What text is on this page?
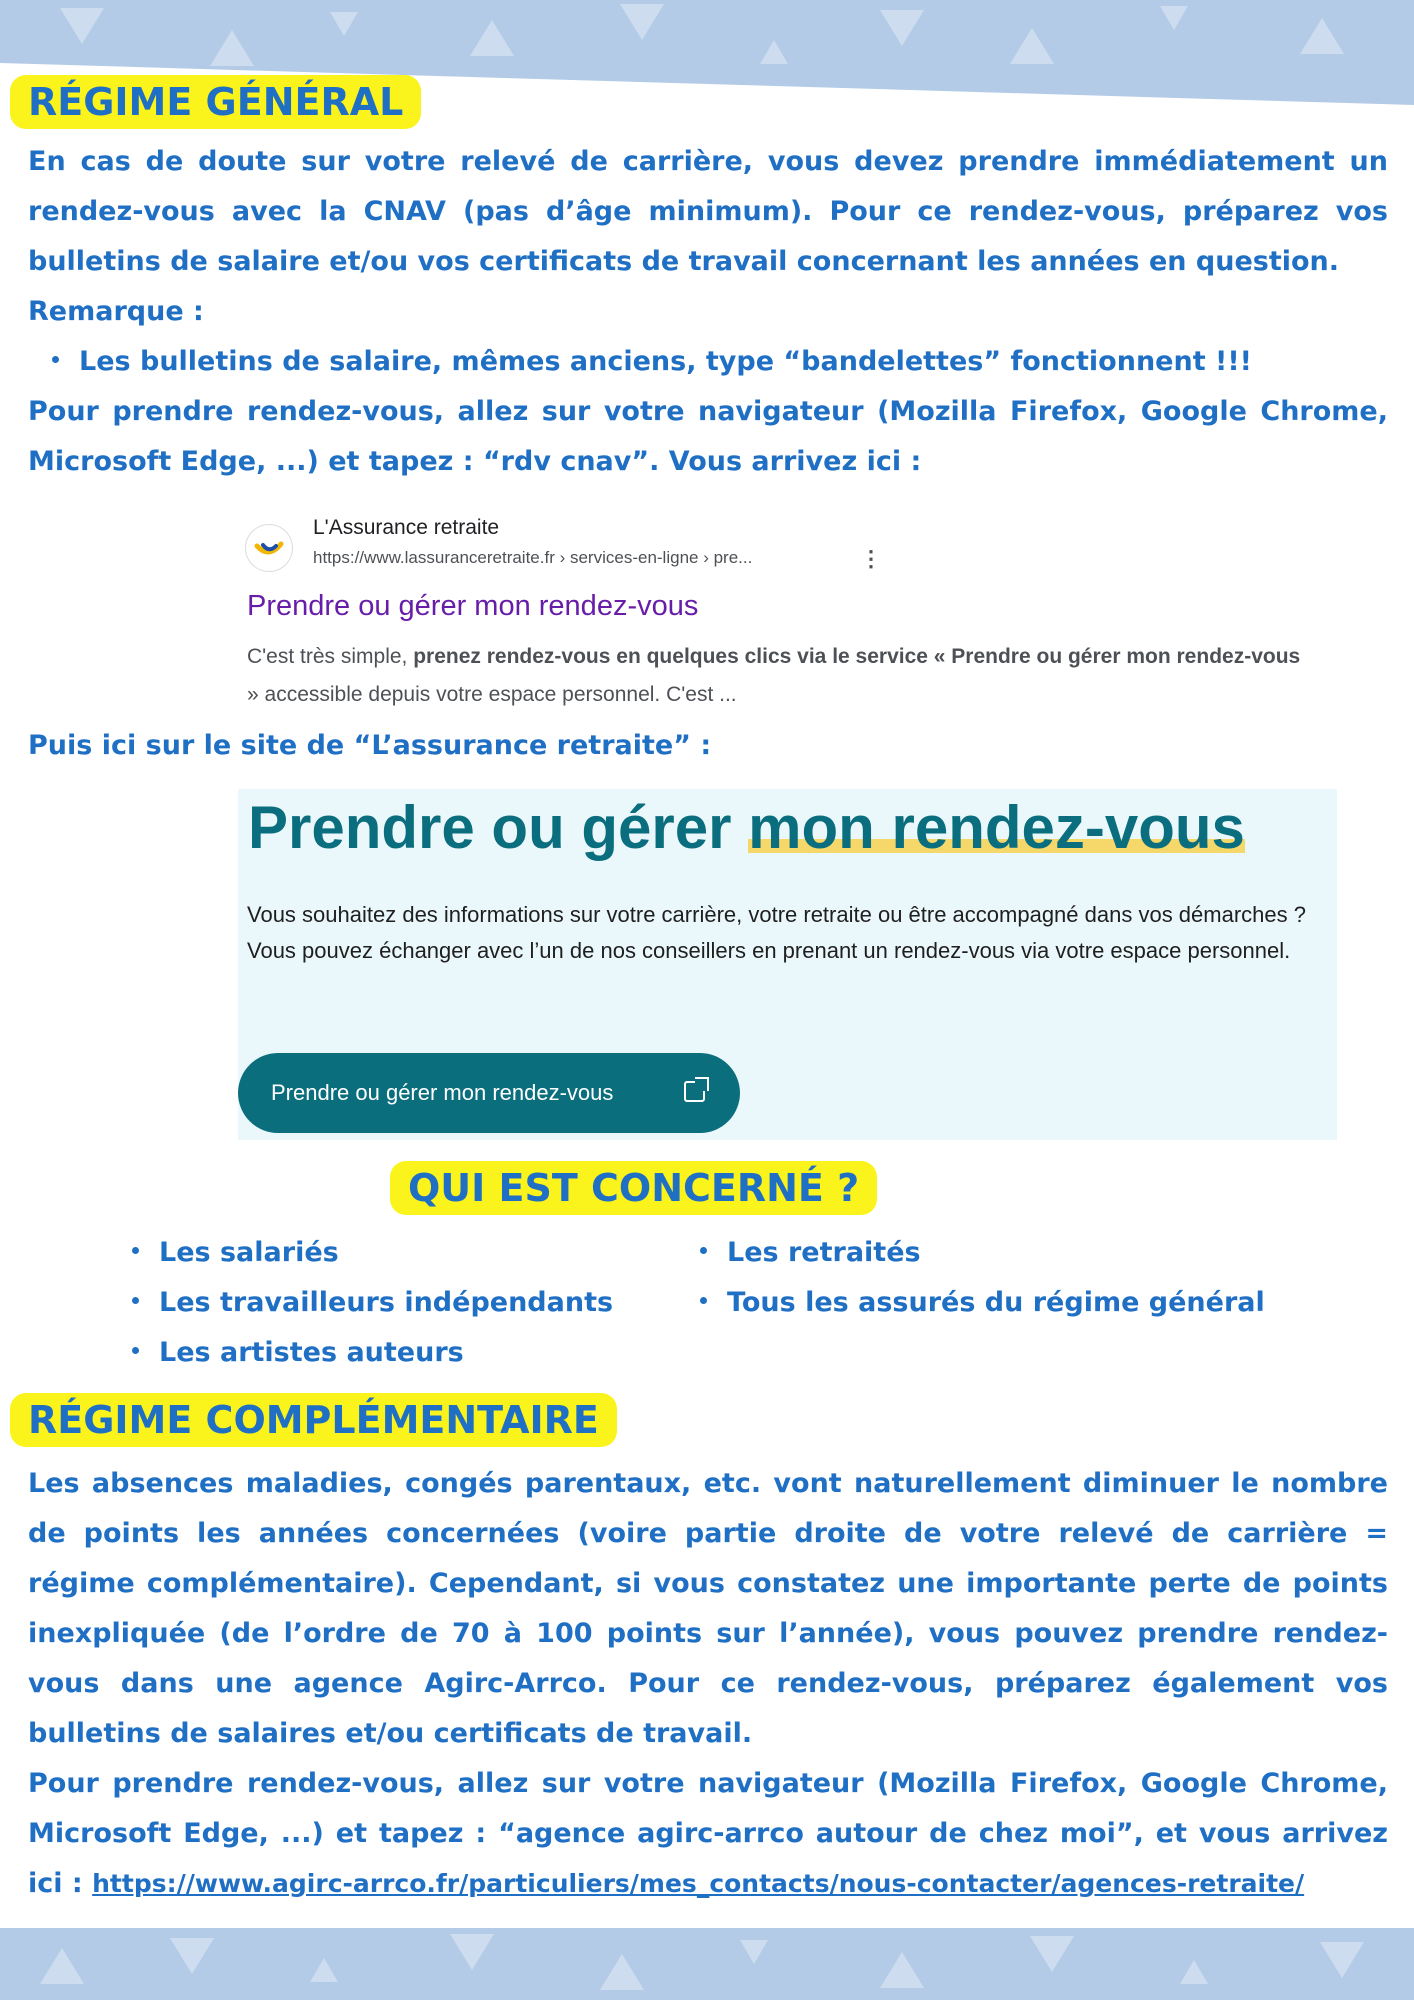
RÉGIME GÉNÉRAL

En cas de doute sur votre relevé de carrière, vous devez prendre immédiatement un rendez-vous avec la CNAV (pas d’âge minimum). Pour ce rendez-vous, préparez vos bulletins de salaire et/ou vos certificats de travail concernant les années en question.

Remarque :

Les bulletins de salaire, mêmes anciens, type “bandelettes” fonctionnent !!!

Pour prendre rendez-vous, allez sur votre navigateur (Mozilla Firefox, Google Chrome, Microsoft Edge, ...) et tapez : “rdv cnav”. Vous arrivez ici :

L'Assurance retraite
https://www.lassuranceretraite.fr › services-en-ligne › pre...	⋮
Prendre ou gérer mon rendez-vous
C'est très simple, prenez rendez-vous en quelques clics via le service « Prendre ou gérer mon rendez-vous » accessible depuis votre espace personnel. C'est ...

Puis ici sur le site de “L’assurance retraite” :

Prendre ou gérer mon rendez-vous
Vous souhaitez des informations sur votre carrière, votre retraite ou être accompagné dans vos démarches ? Vous pouvez échanger avec l’un de nos conseillers en prenant un rendez-vous via votre espace personnel.
Prendre ou gérer mon rendez-vous
QUI EST CONCERNÉ ?
Les salariés
Les travailleurs indépendants
Les artistes auteurs
Les retraités
Tous les assurés du régime général
RÉGIME COMPLÉMENTAIRE

Les absences maladies, congés parentaux, etc. vont naturellement diminuer le nombre de points les années concernées (voire partie droite de votre relevé de carrière = régime complémentaire). Cependant, si vous constatez une importante perte de points inexpliquée (de l’ordre de 70 à 100 points sur l’année), vous pouvez prendre rendez-vous dans une agence Agirc-Arrco. Pour ce rendez-vous, préparez également vos bulletins de salaires et/ou certificats de travail.

Pour prendre rendez-vous, allez sur votre navigateur (Mozilla Firefox, Google Chrome, Microsoft Edge, ...) et tapez : “agence agirc-arrco autour de chez moi”, et vous arrivez ici : https://www.agirc-arrco.fr/particuliers/mes_contacts/nous-contacter/agences-retraite/
